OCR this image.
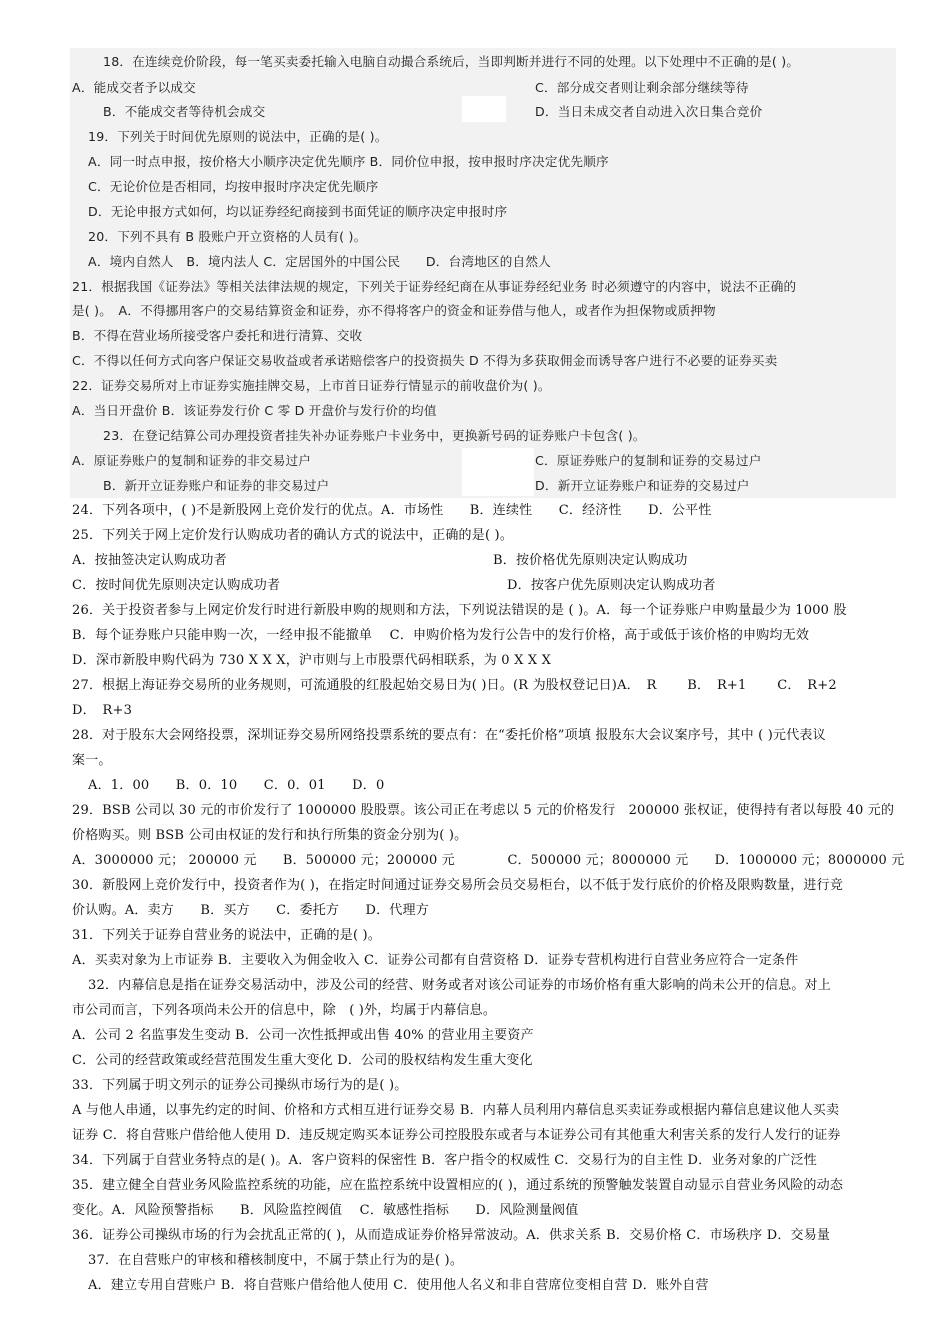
18．在连续竞价阶段，每一笔买卖委托输入电脑自动撮合系统后，当即判断并进行不同的处理。以下处理中不正确的是( )。
A．能成交者予以成交	C．部分成交者则让剩余部分继续等待
B．不能成交者等待机会成交	D．当日未成交者自动进入次日集合竞价
19．下列关于时间优先原则的说法中，正确的是( )。
A．同一时点申报，按价格大小顺序决定优先顺序 B．同价位申报，按申报时序决定优先顺序
C．无论价位是否相同，均按申报时序决定优先顺序
D．无论申报方式如何，均以证券经纪商接到书面凭证的顺序决定申报时序
20．下列不具有 B 股账户开立资格的人员有( )。
A．境内自然人　B．境内法人 C．定居国外的中国公民　　D．台湾地区的自然人
21．根据我国《证券法》等相关法律法规的规定，下列关于证券经纪商在从事证券经纪业务 时必须遵守的内容中，说法不正确的
是( )。　A．不得挪用客户的交易结算资金和证券，亦不得将客户的资金和证券借与他人，或者作为担保物或质押物
B．不得在营业场所接受客户委托和进行清算、交收
C．不得以任何方式向客户保证交易收益或者承诺赔偿客户的投资损失 D 不得为多获取佣金而诱导客户进行不必要的证券买卖
22．证券交易所对上市证券实施挂牌交易，上市首日证券行情显示的前收盘价为( )。
A．当日开盘价 B．该证券发行价 C 零 D 开盘价与发行价的均值
23．在登记结算公司办理投资者挂失补办证券账户卡业务中，更换新号码的证券账户卡包含( )。
A．原证券账户的复制和证券的非交易过户	C．原证券账户的复制和证券的交易过户
B．新开立证券账户和证券的非交易过户	D．新开立证券账户和证券的交易过户
24．下列各项中，( )不是新股网上竞价发行的优点。A．市场性　　B．连续性　　C．经济性　　D．公平性
25．下列关于网上定价发行认购成功者的确认方式的说法中，正确的是( )。
A．按抽签决定认购成功者	B．按价格优先原则决定认购成功
C．按时间优先原则决定认购成功者	D．按客户优先原则决定认购成功者
26．关于投资者参与上网定价发行时进行新股申购的规则和方法，下列说法错误的是 ( )。A．每一个证券账户申购量最少为 1000 股
B．每个证券账户只能申购一次，一经申报不能撤单　 C．申购价格为发行公告中的发行价格，高于或低于该价格的申购均无效
D．深市新股申购代码为 730 X X X，沪市则与上市股票代码相联系，为 0 X X X
27．根据上海证券交易所的业务规则，可流通股的红股起始交易日为( )日。(R 为股权登记日)A．　R　　 B．　R+1　　 C．　R+2
D．　R+3
28．对于股东大会网络投票，深圳证券交易所网络投票系统的要点有：在“委托价格”项填 报股东大会议案序号，其中 ( )元代表议
案一。
A．1．00　　B．0．10　　C．0．01　　D．0
29．BSB 公司以 30 元的市价发行了 1000000 股股票。该公司正在考虑以 5 元的价格发行　200000 张权证，使得持有者以每股 40 元的
价格购买。则 BSB 公司由权证的发行和执行所集的资金分别为( )。
A．3000000 元； 200000 元　　B．500000 元；200000 元　　　　C．500000 元；8000000 元　　D．1000000 元；8000000 元
30．新股网上竞价发行中，投资者作为( )，在指定时间通过证券交易所会员交易柜台，以不低于发行底价的价格及限购数量，进行竞
价认购。A．卖方　　B．买方　　C．委托方　　D．代理方
31．下列关于证券自营业务的说法中，正确的是( )。
A．买卖对象为上市证券 B．主要收入为佣金收入 C．证券公司都有自营资格 D．证券专营机构进行自营业务应符合一定条件
32．内幕信息是指在证券交易活动中，涉及公司的经营、财务或者对该公司证券的市场价格有重大影响的尚未公开的信息。对上
市公司而言，下列各项尚未公开的信息中，除　( )外，均属于内幕信息。
A．公司 2 名监事发生变动 B．公司一次性抵押或出售 40% 的营业用主要资产
C．公司的经营政策或经营范围发生重大变化 D．公司的股权结构发生重大变化
33．下列属于明文列示的证券公司操纵市场行为的是( )。
A 与他人串通，以事先约定的时间、价格和方式相互进行证券交易 B．内幕人员利用内幕信息买卖证券或根据内幕信息建议他人买卖
证券 C．将自营账户借给他人使用 D．违反规定购买本证券公司控股股东或者与本证券公司有其他重大利害关系的发行人发行的证券
34．下列属于自营业务特点的是( )。A．客户资料的保密性 B．客户指令的权威性 C．交易行为的自主性 D．业务对象的广泛性
35．建立健全自营业务风险监控系统的功能，应在监控系统中设置相应的( )，通过系统的预警触发装置自动显示自营业务风险的动态
变化。A．风险预警指标　　B．风险监控阀值　 C．敏感性指标　　D．风险测量阀值
36．证券公司操纵市场的行为会扰乱正常的( )，从而造成证券价格异常波动。A．供求关系 B．交易价格 C．市场秩序 D．交易量
37．在自营账户的审核和稽核制度中，不属于禁止行为的是( )。
A．建立专用自营账户 B．将自营账户借给他人使用 C．使用他人名义和非自营席位变相自营 D．账外自营
